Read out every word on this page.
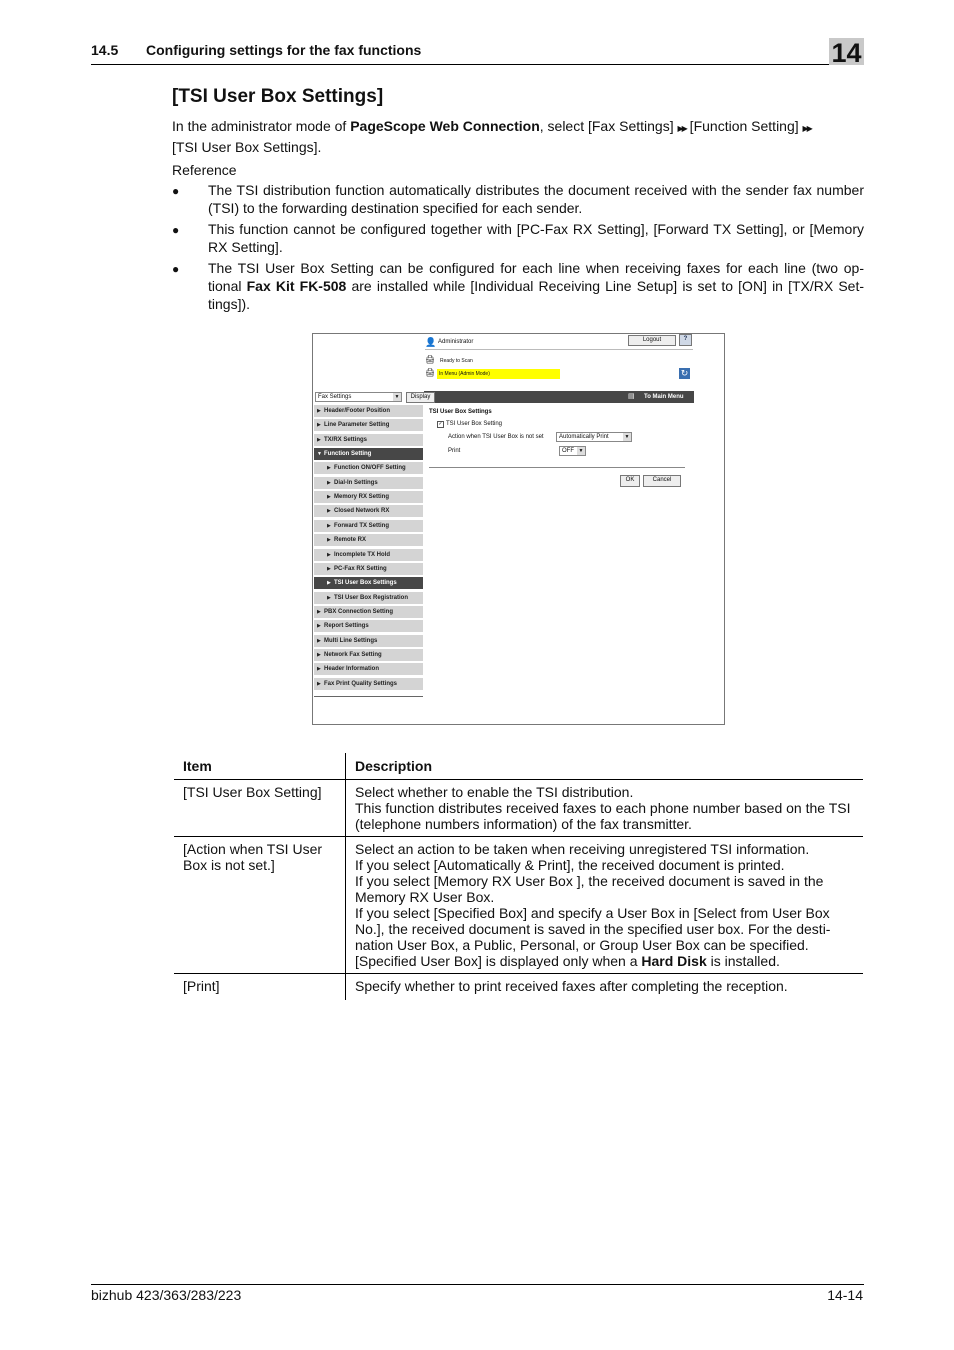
14.5 Configuring settings for the fax functions	14
[TSI User Box Settings]
In the administrator mode of PageScope Web Connection, select [Fax Settings] ▶▶ [Function Setting] ▶▶
[TSI User Box Settings].
Reference
● The TSI distribution function automatically distributes the document received with the sender fax number (TSI) to the forwarding destination specified for each sender.
● This function cannot be configured together with [PC-Fax RX Setting], [Forward TX Setting], or [Memory RX Setting].
● The TSI User Box Setting can be configured for each line when receiving faxes for each line (two op-tional Fax Kit FK-508 are installed while [Individual Receiving Line Setup] is set to [ON] in [TX/RX Set-tings]).
👤 Administrator	Logout	?
🖨 Ready to Scan
🖨 In Menu (Admin Mode)	↻
▤ To Main Menu
Fax Settings	▼	Display
▶ Header/Footer Position
▶ Line Parameter Setting
▶ TX/RX Settings
▼ Function Setting
▶ Function ON/OFF Setting
▶ Dial-In Settings
▶ Memory RX Setting
▶ Closed Network RX
▶ Forward TX Setting
▶ Remote RX
▶ Incomplete TX Hold
▶ PC-Fax RX Setting
▶ TSI User Box Settings
▶ TSI User Box Registration
▶ PBX Connection Setting
▶ Report Settings
▶ Multi Line Settings
▶ Network Fax Setting
▶ Header Information
▶ Fax Print Quality Settings
TSI User Box Settings
✓ TSI User Box Setting
Action when TSI User Box is not set	Automatically Print	▼
Print	OFF ▼
OK	Cancel
Item	Description
[TSI User Box Setting]	Select whether to enable the TSI distribution.
This function distributes received faxes to each phone number based on the TSI (telephone numbers information) of the fax transmitter.

[Action when TSI User Box is not set.]	Select an action to be taken when receiving unregistered TSI information.
If you select [Automatically & Print], the received document is printed.
If you select [Memory RX User Box ], the received document is saved in the Memory RX User Box.
If you select [Specified Box] and specify a User Box in [Select from User Box No.], the received document is saved in the specified user box. For the desti-nation User Box, a Public, Personal, or Group User Box can be specified.
[Specified User Box] is displayed only when a Hard Disk is installed.

[Print]	Specify whether to print received faxes after completing the reception.
bizhub 423/363/283/223	14-14
